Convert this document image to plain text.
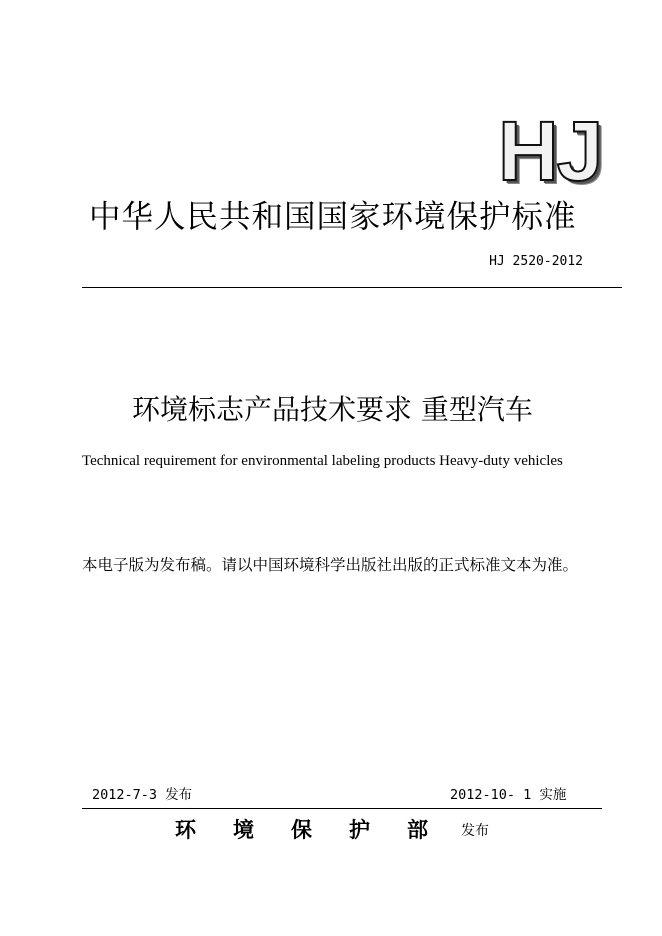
HJ
中华人民共和国国家环境保护标准
HJ 2520-2012
环境标志产品技术要求 重型汽车
Technical requirement for environmental labeling products Heavy-duty vehicles
本电子版为发布稿。请以中国环境科学出版社出版的正式标准文本为准。
2012-7-3 发布	2012-10- 1 实施
环境保护部
发布
